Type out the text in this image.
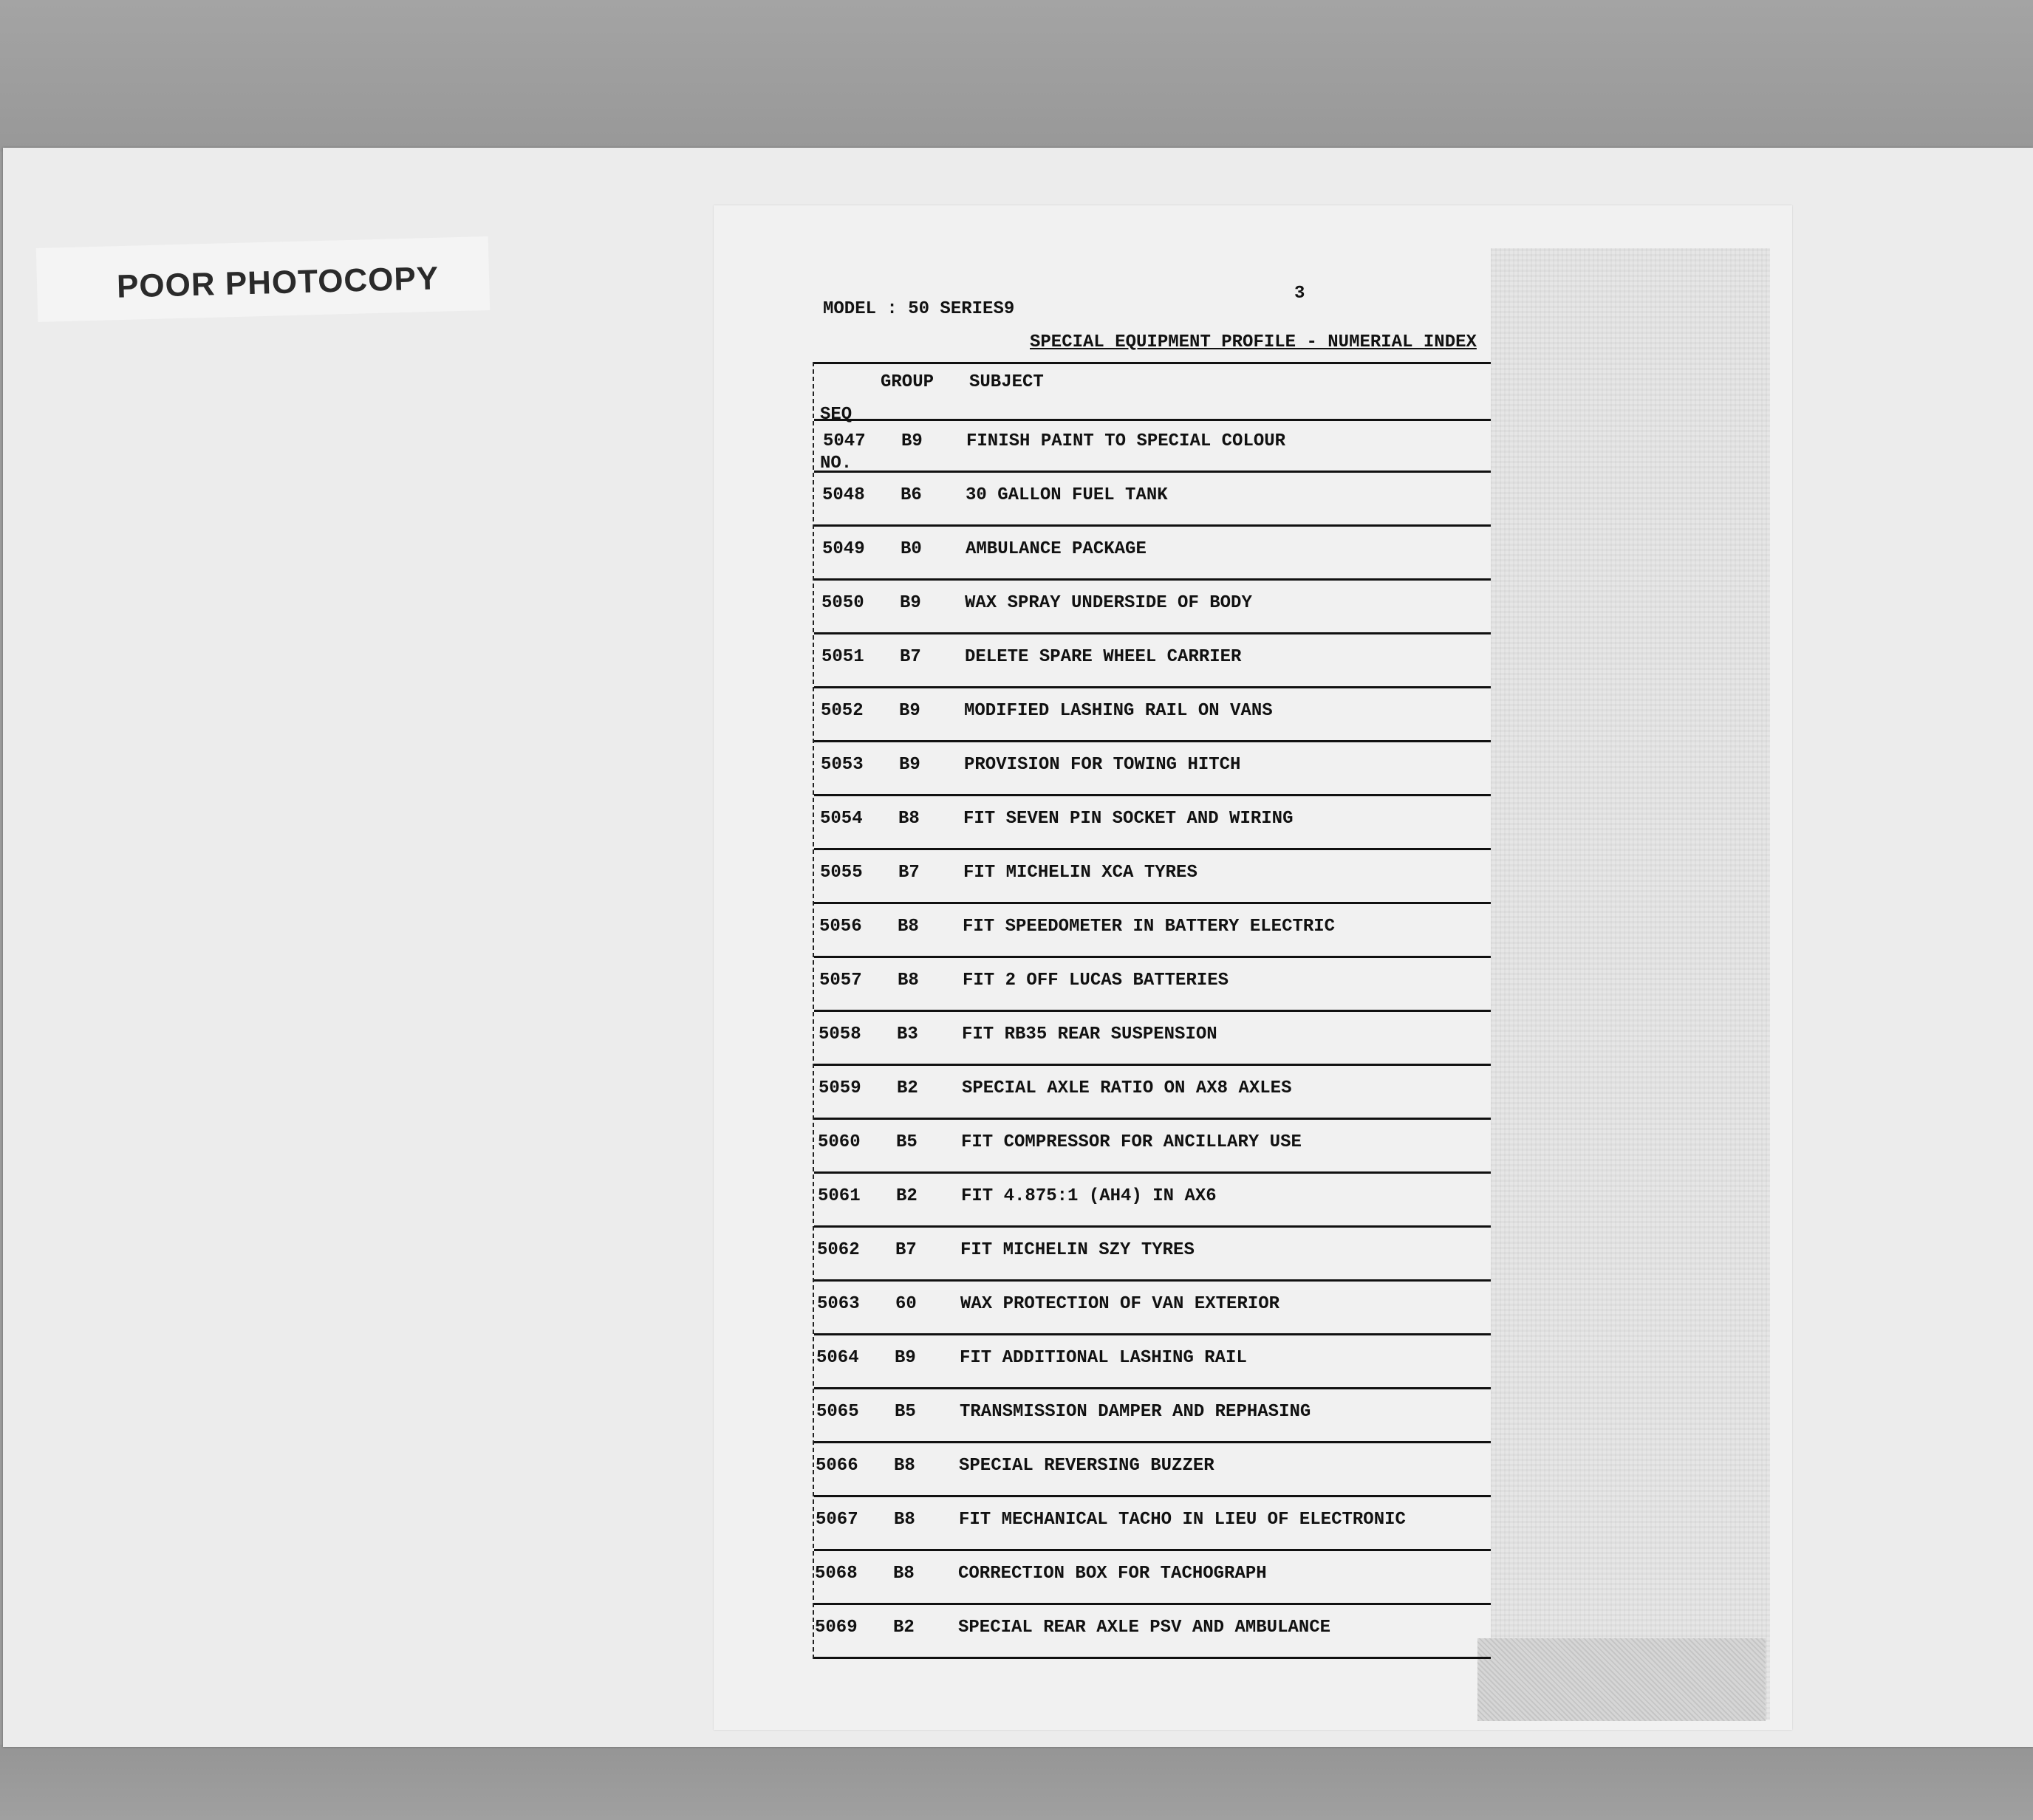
POOR PHOTOCOPY	3
MODEL : 50 SERIES9
SPECIAL EQUIPMENT PROFILE - NUMERIAL INDEX

SEQ

NO.

GROUP SUBJECT
5047 B9 FINISH PAINT TO SPECIAL COLOUR
5048 B6 30 GALLON FUEL TANK
5049 B0 AMBULANCE PACKAGE
5050 B9 WAX SPRAY UNDERSIDE OF BODY
5051 B7 DELETE SPARE WHEEL CARRIER
5052 B9 MODIFIED LASHING RAIL ON VANS
5053 B9 PROVISION FOR TOWING HITCH
5054 B8 FIT SEVEN PIN SOCKET AND WIRING
5055 B7 FIT MICHELIN XCA TYRES
5056 B8 FIT SPEEDOMETER IN BATTERY ELECTRIC
5057 B8 FIT 2 OFF LUCAS BATTERIES
5058 B3 FIT RB35 REAR SUSPENSION
5059 B2 SPECIAL AXLE RATIO ON AX8 AXLES
5060 B5 FIT COMPRESSOR FOR ANCILLARY USE
5061 B2 FIT 4.875:1 (AH4) IN AX6
5062 B7 FIT MICHELIN SZY TYRES
5063 60 WAX PROTECTION OF VAN EXTERIOR
5064 B9 FIT ADDITIONAL LASHING RAIL
5065 B5 TRANSMISSION DAMPER AND REPHASING
5066 B8 SPECIAL REVERSING BUZZER
5067 B8 FIT MECHANICAL TACHO IN LIEU OF ELECTRONIC
5068 B8 CORRECTION BOX FOR TACHOGRAPH
5069 B2 SPECIAL REAR AXLE PSV AND AMBULANCE
